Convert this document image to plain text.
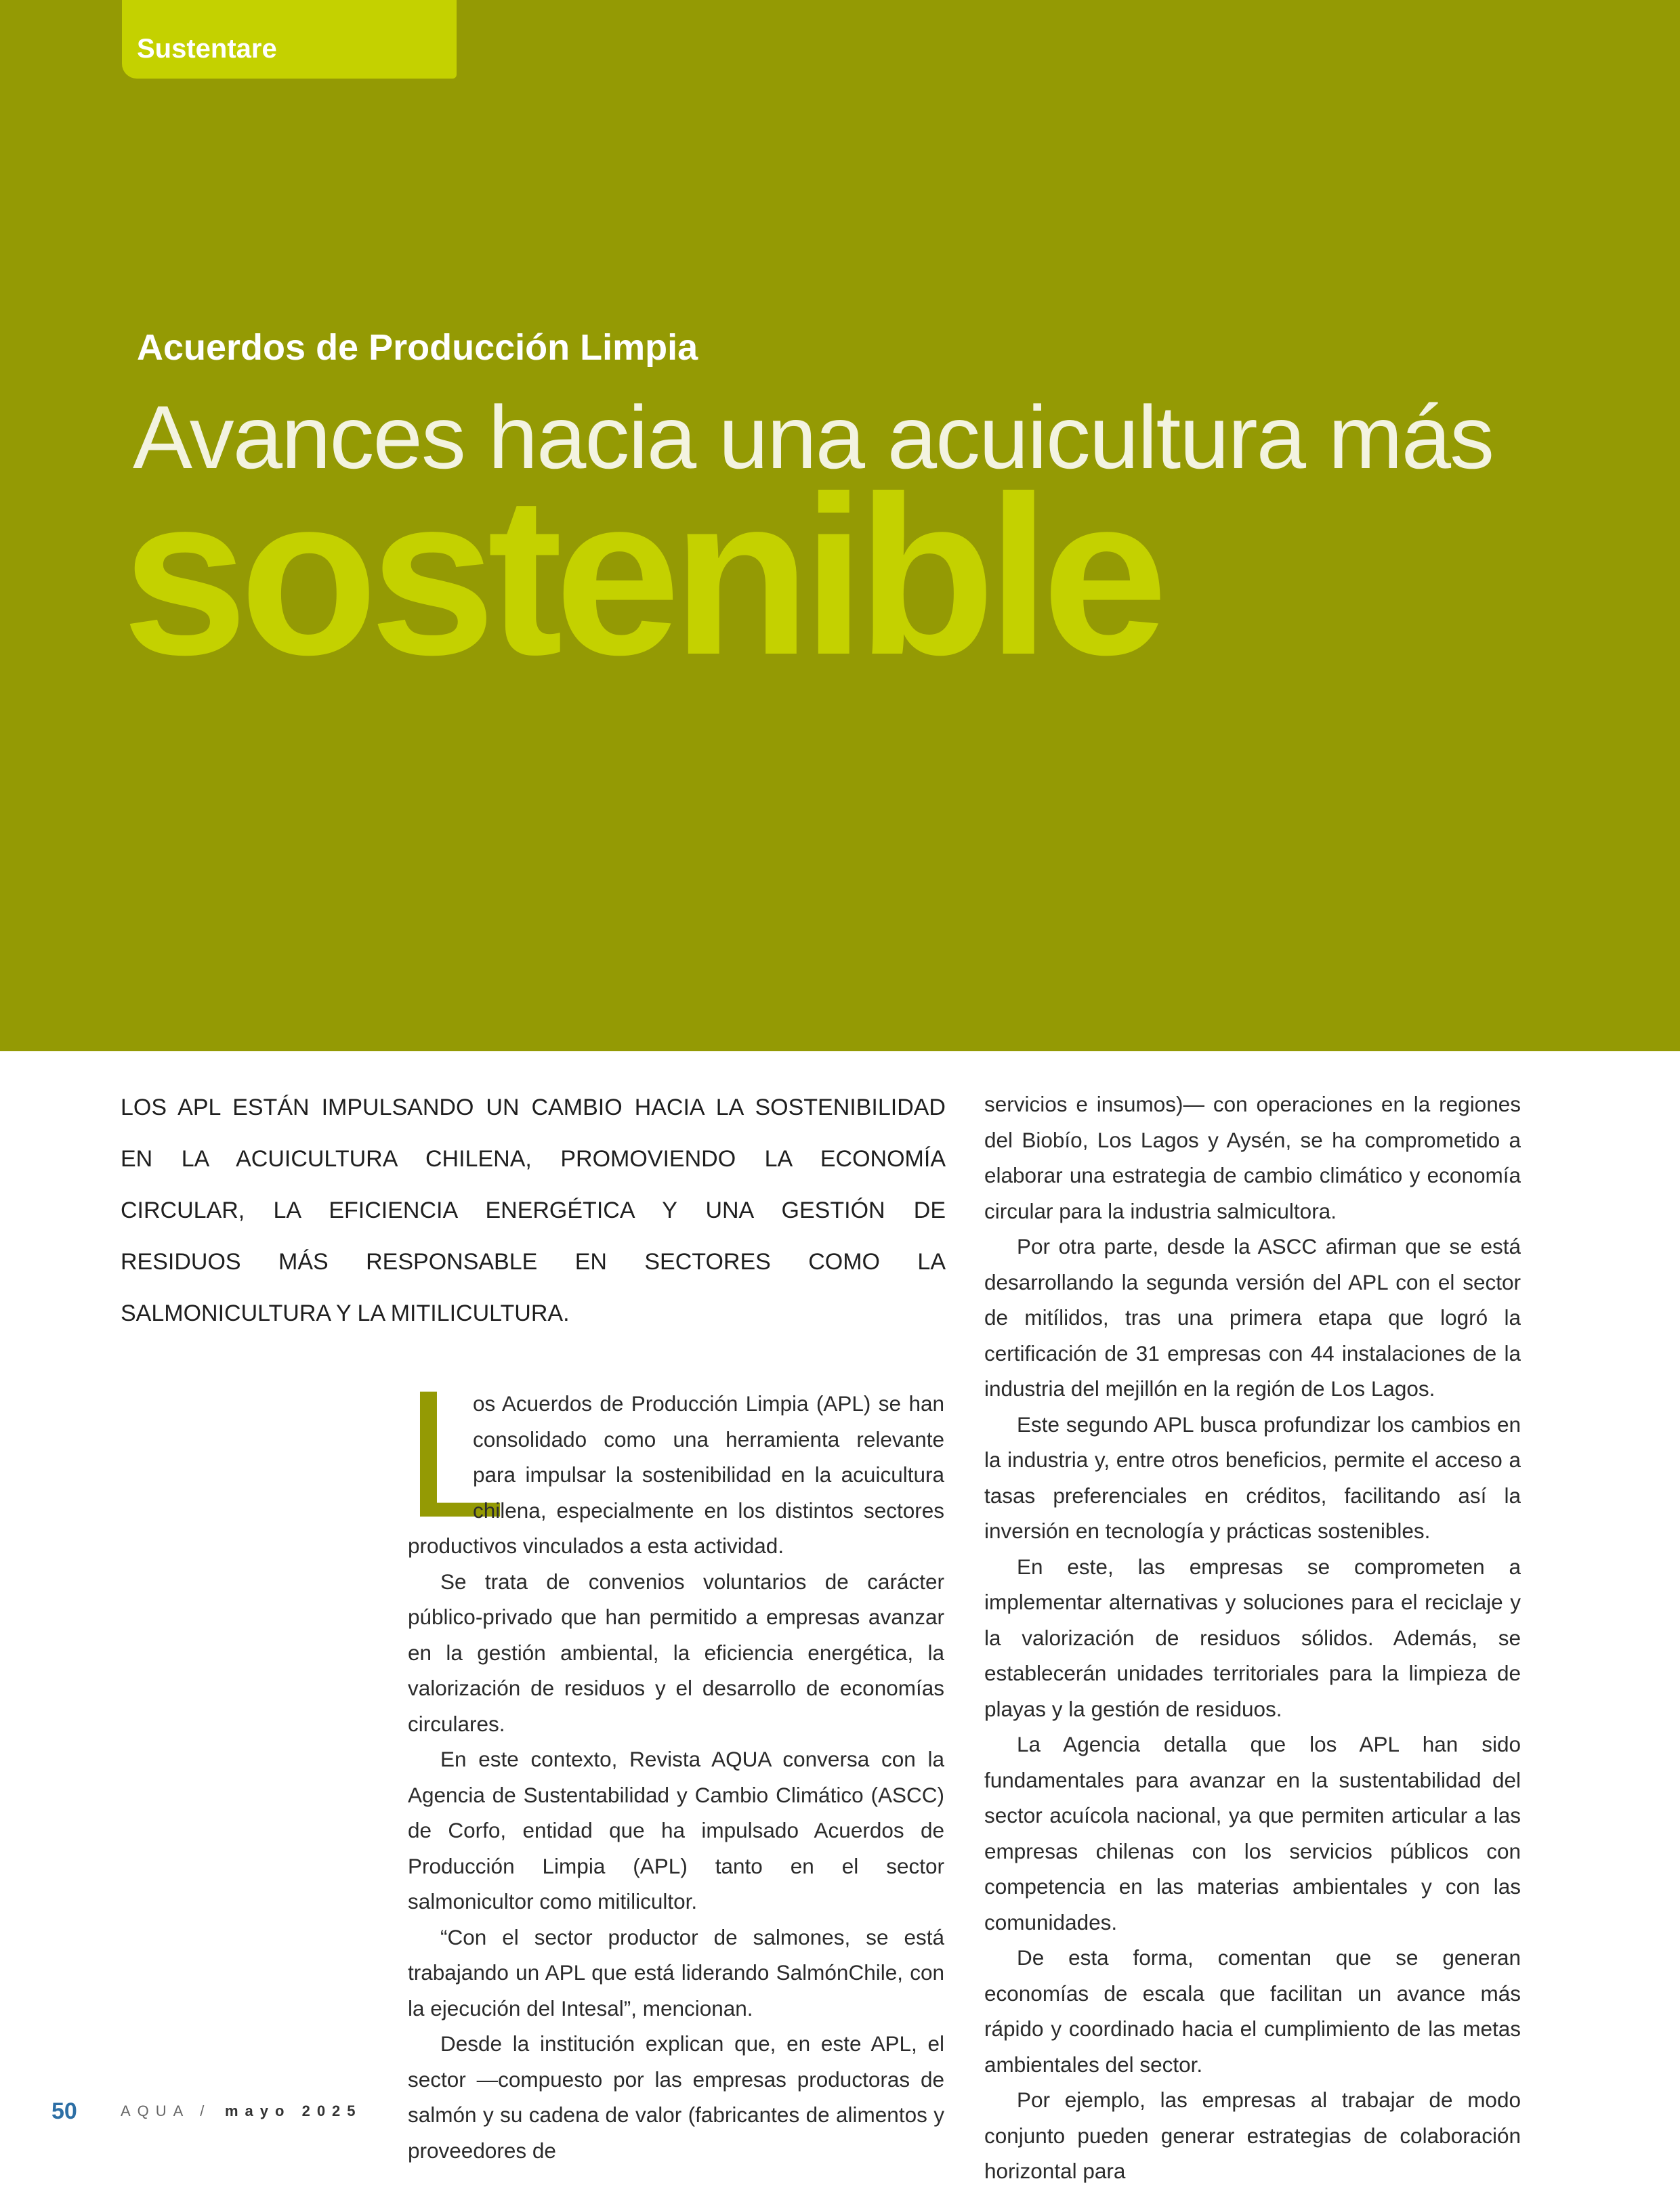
Sustentare
Acuerdos de Producción Limpia
Avances hacia una acuicultura más
sostenible
LOS APL ESTÁN IMPULSANDO UN CAMBIO HACIA LA SOSTENIBILIDAD
EN LA ACUICULTURA CHILENA, PROMOVIENDO LA ECONOMÍA
CIRCULAR, LA EFICIENCIA ENERGÉTICA Y UNA GESTIÓN DE
RESIDUOS MÁS RESPONSABLE EN SECTORES COMO LA
SALMONICULTURA Y LA MITILICULTURA.
L

os Acuerdos de Producción Limpia (APL) se han consolidado como una herramienta relevante para impulsar la sostenibilidad en la acuicultura chilena, especialmente en los distintos sectores productivos vinculados a esta actividad.

Se trata de convenios voluntarios de carácter público-privado que han permitido a empresas avanzar en la gestión ambiental, la eficiencia energética, la valorización de residuos y el desarrollo de economías circulares.

En este contexto, Revista AQUA conversa con la Agencia de Sustentabilidad y Cambio Climático (ASCC) de Corfo, entidad que ha impulsado Acuerdos de Producción Limpia (APL) tanto en el sector salmonicultor como mitilicultor.

“Con el sector productor de salmones, se está trabajando un APL que está liderando SalmónChile, con la ejecución del Intesal”, mencionan.

Desde la institución explican que, en este APL, el sector —compuesto por las empresas productoras de salmón y su cadena de valor (fabricantes de alimentos y proveedores de

servicios e insumos)— con operaciones en la regiones del Biobío, Los Lagos y Aysén, se ha comprometido a elaborar una estrategia de cambio climático y economía circular para la industria salmicultora.

Por otra parte, desde la ASCC afirman que se está desarrollando la segunda versión del APL con el sector de mitílidos, tras una primera etapa que logró la certificación de 31 empresas con 44 instalaciones de la industria del mejillón en la región de Los Lagos.

Este segundo APL busca profundizar los cambios en la industria y, entre otros beneficios, permite el acceso a tasas preferenciales en créditos, facilitando así la inversión en tecnología y prácticas sostenibles.

En este, las empresas se comprometen a implementar alternativas y soluciones para el reciclaje y la valorización de residuos sólidos. Además, se establecerán unidades territoriales para la limpieza de playas y la gestión de residuos.

La Agencia detalla que los APL han sido fundamentales para avanzar en la sustentabilidad del sector acuícola nacional, ya que permiten articular a las empresas chilenas con los servicios públicos con competencia en las materias ambientales y con las comunidades.

De esta forma, comentan que se generan economías de escala que facilitan un avance más rápido y coordinado hacia el cumplimiento de las metas ambientales del sector.

Por ejemplo, las empresas al trabajar de modo conjunto pueden generar estrategias de colaboración horizontal para

50	AQUA / mayo 2025
